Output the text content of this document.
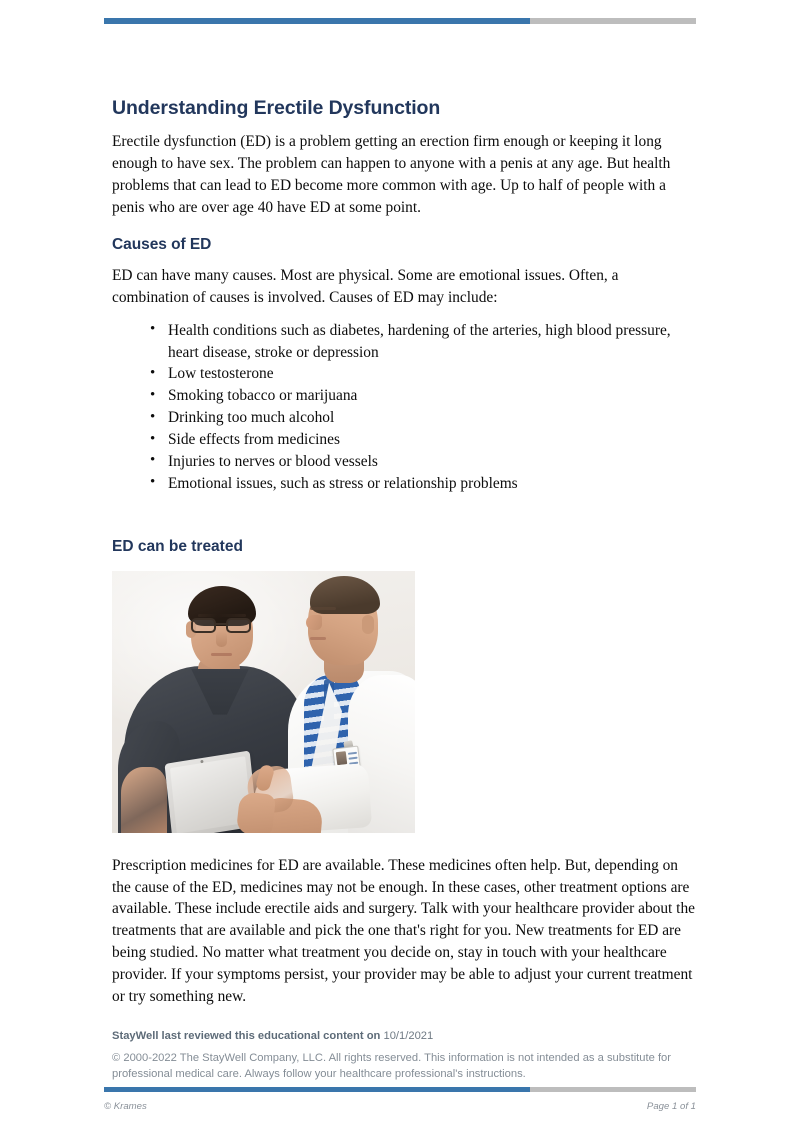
Understanding Erectile Dysfunction

Erectile dysfunction (ED) is a problem getting an erection firm enough or keeping it long enough to have sex. The problem can happen to anyone with a penis at any age. But health problems that can lead to ED become more common with age. Up to half of people with a penis who are over age 40 have ED at some point.

Causes of ED

ED can have many causes. Most are physical. Some are emotional issues. Often, a combination of causes is involved. Causes of ED may include:

• Health conditions such as diabetes, hardening of the arteries, high blood pressure, heart disease, stroke or depression
• Low testosterone
• Smoking tobacco or marijuana
• Drinking too much alcohol
• Side effects from medicines
• Injuries to nerves or blood vessels
• Emotional issues, such as stress or relationship problems
ED can be treated

Prescription medicines for ED are available. These medicines often help. But, depending on the cause of the ED, medicines may not be enough. In these cases, other treatment options are available. These include erectile aids and surgery. Talk with your healthcare provider about the treatments that are available and pick the one that's right for you. New treatments for ED are being studied. No matter what treatment you decide on, stay in touch with your healthcare provider. If your symptoms persist, your provider may be able to adjust your current treatment or try something new.

StayWell last reviewed this educational content on 10/1/2021
© 2000-2022 The StayWell Company, LLC. All rights reserved. This information is not intended as a substitute for professional medical care. Always follow your healthcare professional's instructions.
© Krames	Page 1 of 1
